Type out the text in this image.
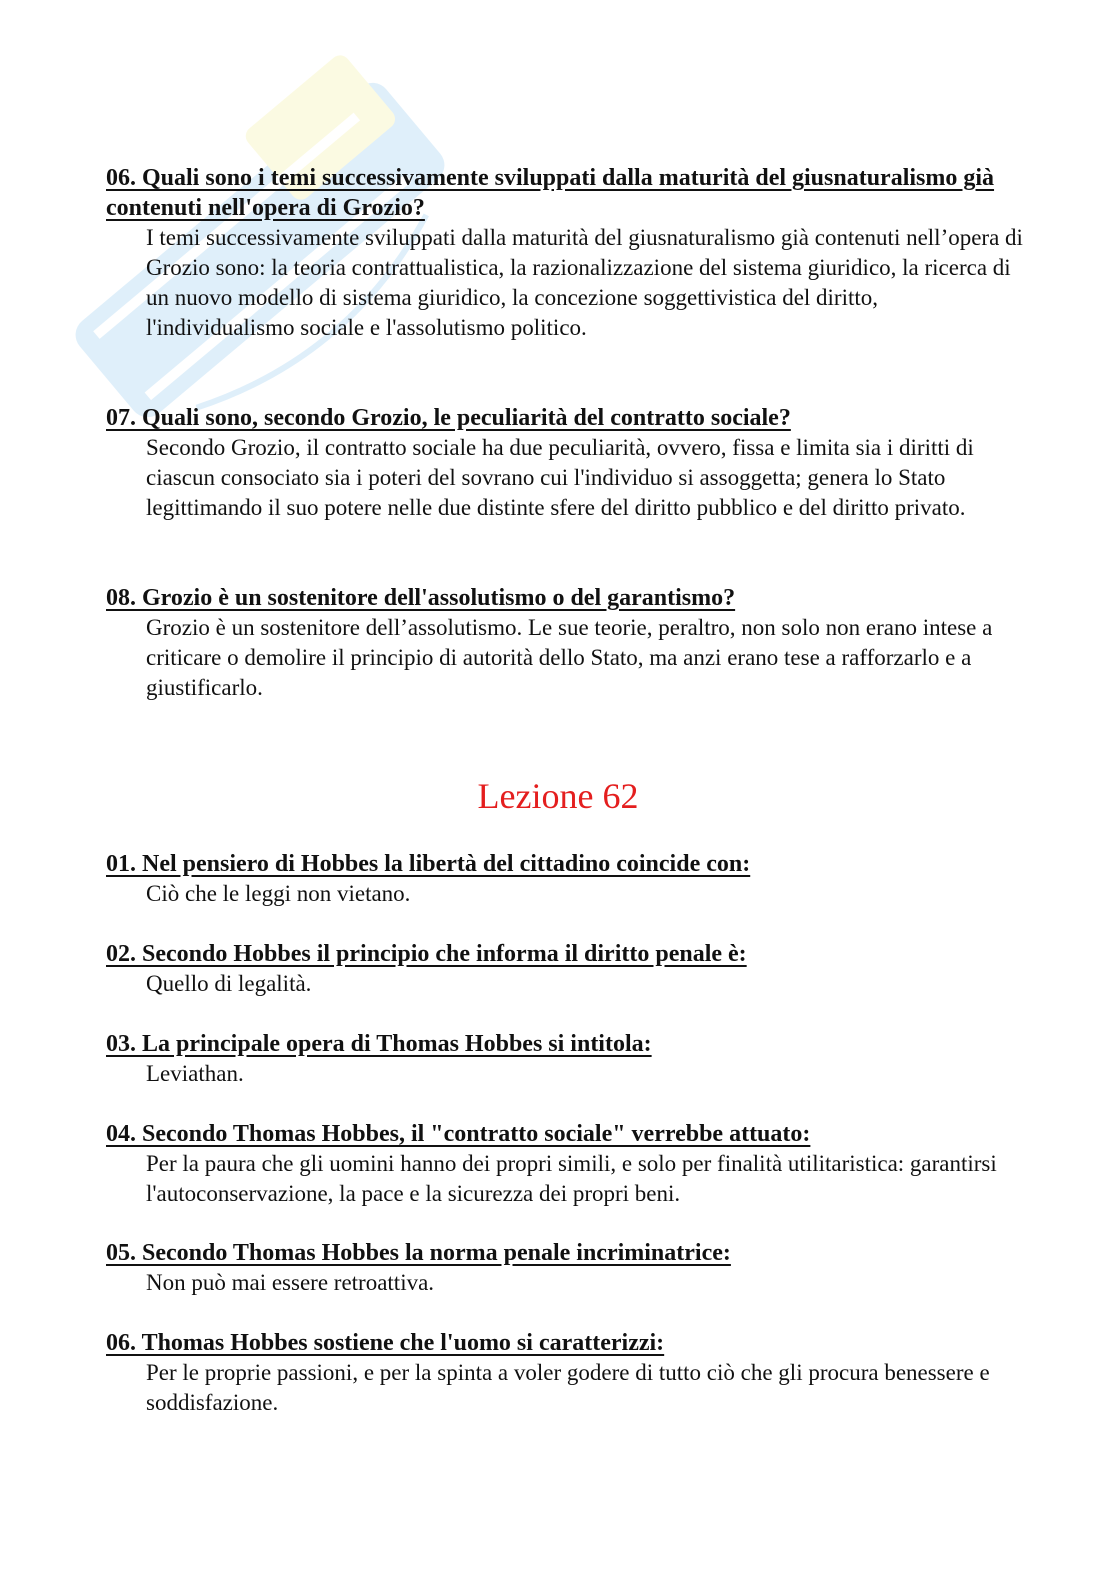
06. Quali sono i temi successivamente sviluppati dalla maturità del giusnaturalismo già contenuti nell'opera di Grozio?

I temi successivamente sviluppati dalla maturità del giusnaturalismo già contenuti nell’opera di Grozio sono: la teoria contrattualistica, la razionalizzazione del sistema giuridico, la ricerca di un nuovo modello di sistema giuridico, la concezione soggettivistica del diritto, l'individualismo sociale e l'assolutismo politico.

07. Quali sono, secondo Grozio, le peculiarità del contratto sociale?

Secondo Grozio, il contratto sociale ha due peculiarità, ovvero, fissa e limita sia i diritti di ciascun consociato sia i poteri del sovrano cui l'individuo si assoggetta; genera lo Stato legittimando il suo potere nelle due distinte sfere del diritto pubblico e del diritto privato.

08. Grozio è un sostenitore dell'assolutismo o del garantismo?

Grozio è un sostenitore dell’assolutismo. Le sue teorie, peraltro, non solo non erano intese a criticare o demolire il principio di autorità dello Stato, ma anzi erano tese a rafforzarlo e a giustificarlo.

Lezione 62

01. Nel pensiero di Hobbes la libertà del cittadino coincide con:

Ciò che le leggi non vietano.

02. Secondo Hobbes il principio che informa il diritto penale è:

Quello di legalità.

03. La principale opera di Thomas Hobbes si intitola:

Leviathan.

04. Secondo Thomas Hobbes, il "contratto sociale" verrebbe attuato:

Per la paura che gli uomini hanno dei propri simili, e solo per finalità utilitaristica: garantirsi l'autoconservazione, la pace e la sicurezza dei propri beni.

05. Secondo Thomas Hobbes la norma penale incriminatrice:

Non può mai essere retroattiva.

06. Thomas Hobbes sostiene che l'uomo si caratterizzi:

Per le proprie passioni, e per la spinta a voler godere di tutto ciò che gli procura benessere e soddisfazione.
